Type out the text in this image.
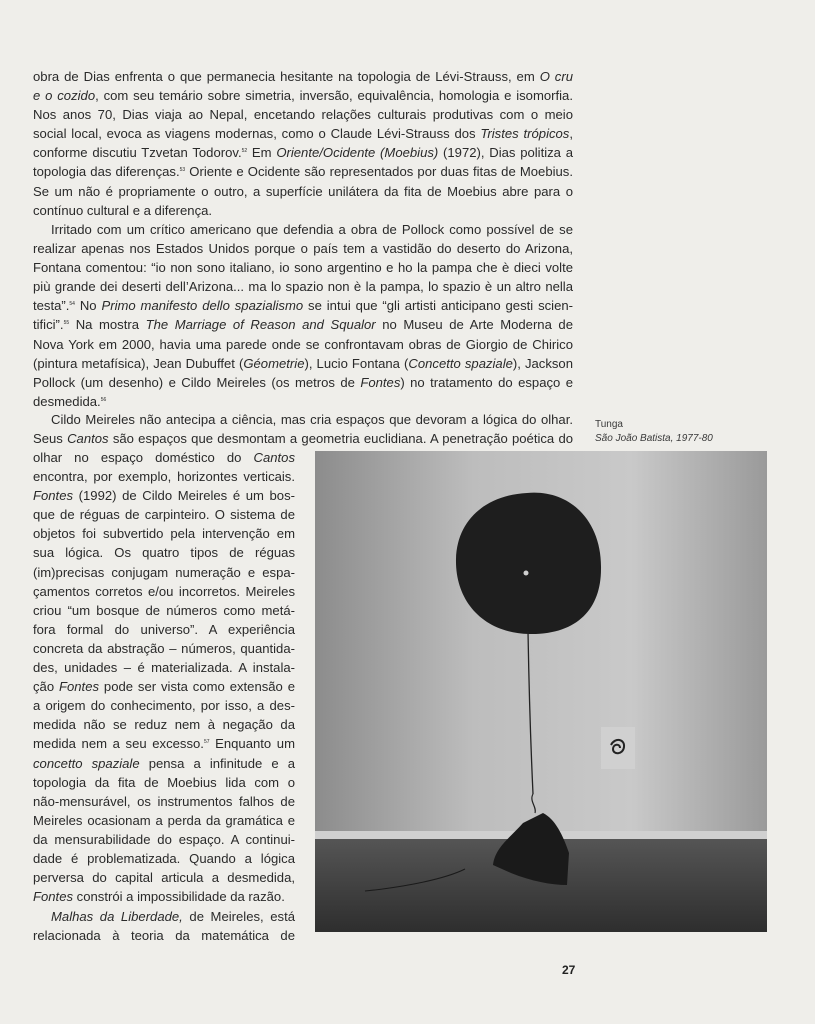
obra de Dias enfrenta o que permanecia hesitante na topologia de Lévi-Strauss, em O cru
e o cozido, com seu temário sobre simetria, inversão, equivalência, homologia e isomorfia.
Nos anos 70, Dias viaja ao Nepal, encetando relações culturais produtivas com o meio
social local, evoca as viagens modernas, como o Claude Lévi-Strauss dos Tristes trópicos,
conforme discutiu Tzvetan Todorov.$^{52}$ Em Oriente/Ocidente (Moebius) (1972), Dias politiza a
topologia das diferenças.$^{53}$ Oriente e Ocidente são representados por duas fitas de Moebius.
Se um não é propriamente o outro, a superfície unilátera da fita de Moebius abre para o
contínuo cultural e a diferença.
Irritado com um crítico americano que defendia a obra de Pollock como possível de se
realizar apenas nos Estados Unidos porque o país tem a vastidão do deserto do Arizona,
Fontana comentou: “io non sono italiano, io sono argentino e ho la pampa che è dieci volte
più grande dei deserti dell’Arizona... ma lo spazio non è la pampa, lo spazio è un altro nella
testa”.$^{54}$ No Primo manifesto dello spazialismo se intui que “gli artisti anticipano gesti scien-
tifici”.$^{55}$ Na mostra The Marriage of Reason and Squalor no Museu de Arte Moderna de
Nova York em 2000, havia uma parede onde se confrontavam obras de Giorgio de Chirico
(pintura metafísica), Jean Dubuffet (Géometrie), Lucio Fontana (Concetto spaziale), Jackson
Pollock (um desenho) e Cildo Meireles (os metros de Fontes) no tratamento do espaço e
desmedida.$^{56}$
Cildo Meireles não antecipa a ciência, mas cria espaços que devoram a lógica do olhar.
Seus Cantos são espaços que desmontam a geometria euclidiana. A penetração poética do
olhar no espaço doméstico do Cantos
encontra, por exemplo, horizontes verticais.
Fontes (1992) de Cildo Meireles é um bos-
que de réguas de carpinteiro. O sistema de
objetos foi subvertido pela intervenção em
sua lógica. Os quatro tipos de réguas
(im)precisas conjugam numeração e espa-
çamentos corretos e/ou incorretos. Meireles
criou “um bosque de números como metá-
fora formal do universo”. A experiência
concreta da abstração – números, quantida-
des, unidades – é materializada. A instala-
ção Fontes pode ser vista como extensão e
a origem do conhecimento, por isso, a des-
medida não se reduz nem à negação da
medida nem a seu excesso.$^{57}$ Enquanto um
concetto spaziale pensa a infinitude e a
topologia da fita de Moebius lida com o
não-mensurável, os instrumentos falhos de
Meireles ocasionam a perda da gramática e
da mensurabilidade do espaço. A continui-
dade é problematizada. Quando a lógica
perversa do capital articula a desmedida,
Fontes constrói a impossibilidade da razão.
Malhas da Liberdade, de Meireles, está
relacionada à teoria da matemática de
Tunga
São João Batista, 1977-80
27
